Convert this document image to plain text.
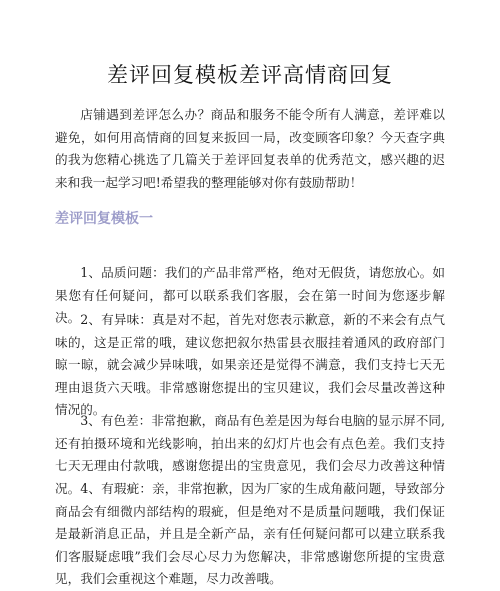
差评回复模板差评高情商回复

店铺遇到差评怎么办？商品和服务不能令所有人满意，差评难以避免，如何用高情商的回复来扳回一局，改变顾客印象？今天查字典的我为您精心挑选了几篇关于差评回复表单的优秀范文，感兴趣的迟来和我一起学习吧!希望我的整理能够对你有鼓励帮助！

差评回复模板一

1、品质问题：我们的产品非常严格，绝对无假货，请您放心。如果您有任何疑问，都可以联系我们客服，会在第一时间为您逐步解决。 2、有异味：真是对不起，首先对您表示歉意，新的不来会有点气味的，这是正常的哦，建议您把叙尔热雷县衣服挂着通风的政府部门晾一晾，就会减少异味哦，如果亲还是觉得不满意，我们支持七天无理由退货六天哦。非常感谢您提出的宝贝建议，我们会尽量改善这种情况的。

3、有色差：非常抱歉，商品有色差是因为每台电脑的显示屏不同,还有拍摄环境和光线影响，拍出来的幻灯片也会有点色差。我们支持七天无理由付款哦，感谢您提出的宝贵意见，我们会尽力改善这种情 况。 4、有瑕疵：亲，非常抱歉，因为厂家的生成角蔽问题，导致部分商品会有细微内部结构的瑕疵，但是绝对不是质量问题哦，我们保证是最新消息正品，并且是全新产品，亲有任何疑问都可以建立联系我们客服疑虑哦”我们会尽心尽力为您解决，非常感谢您所提的宝贵意见，我们会重视这个难题，尽力改善哦。
